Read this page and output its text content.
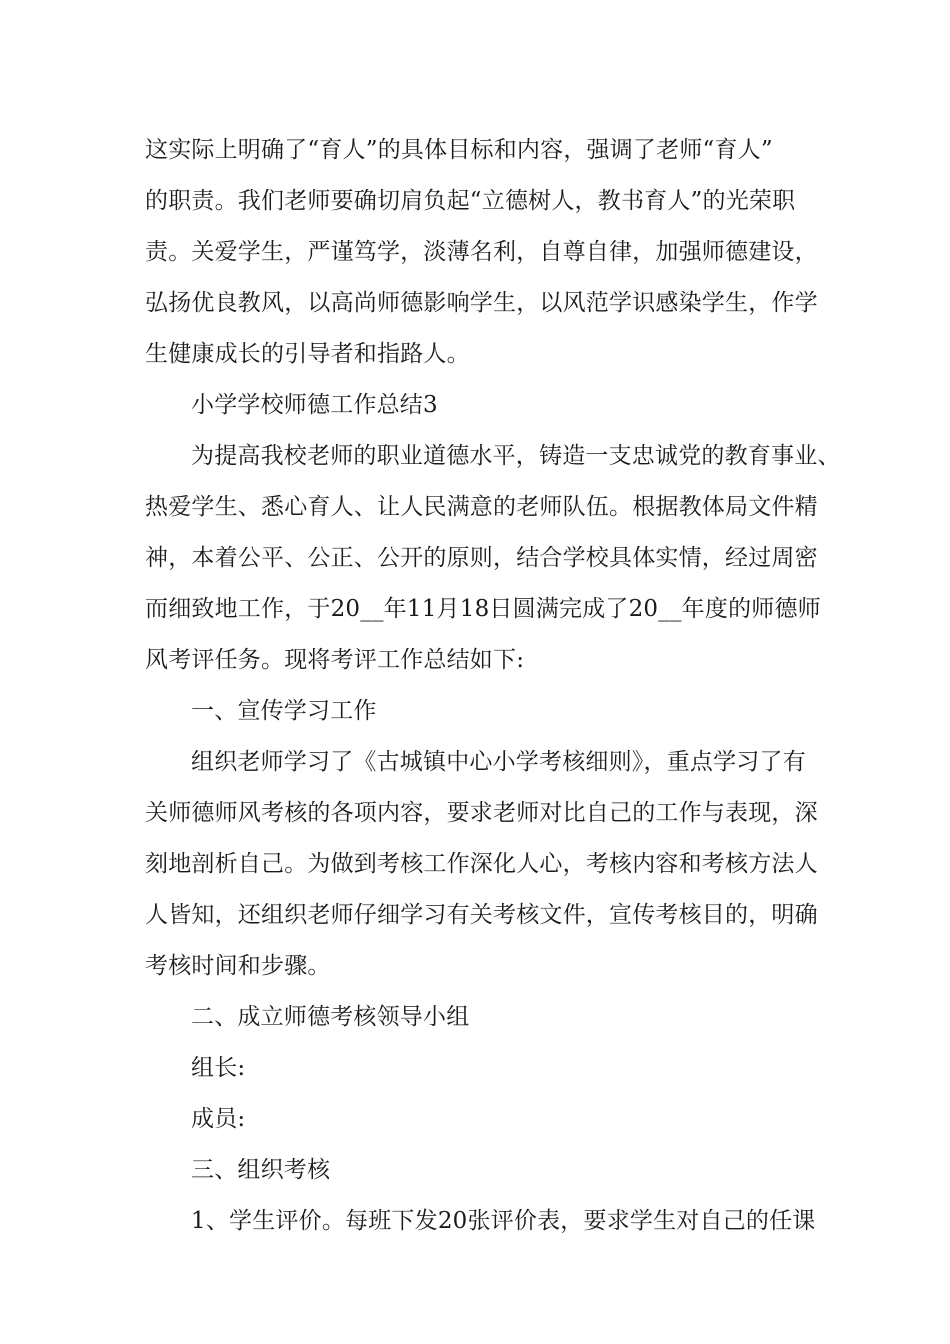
这实际上明确了“育人”的具体目标和内容，强调了老师“育人”
的职责。我们老师要确切肩负起“立德树人，教书育人”的光荣职
责。关爱学生，严谨笃学，淡薄名利，自尊自律，加强师德建设，
弘扬优良教风，以高尚师德影响学生，以风范学识感染学生，作学
生健康成长的引导者和指路人。
小学学校师德工作总结3
为提高我校老师的职业道德水平，铸造一支忠诚党的教育事业、
热爱学生、悉心育人、让人民满意的老师队伍。根据教体局文件精
神，本着公平、公正、公开的原则，结合学校具体实情，经过周密
而细致地工作，于20__年11月18日圆满完成了20__年度的师德师
风考评任务。现将考评工作总结如下:
一、宣传学习工作
组织老师学习了《古城镇中心小学考核细则》，重点学习了有
关师德师风考核的各项内容，要求老师对比自己的工作与表现，深
刻地剖析自己。为做到考核工作深化人心，考核内容和考核方法人
人皆知，还组织老师仔细学习有关考核文件，宣传考核目的，明确
考核时间和步骤。
二、成立师德考核领导小组
组长:
成员:
三、组织考核
1、学生评价。每班下发20张评价表，要求学生对自己的任课
